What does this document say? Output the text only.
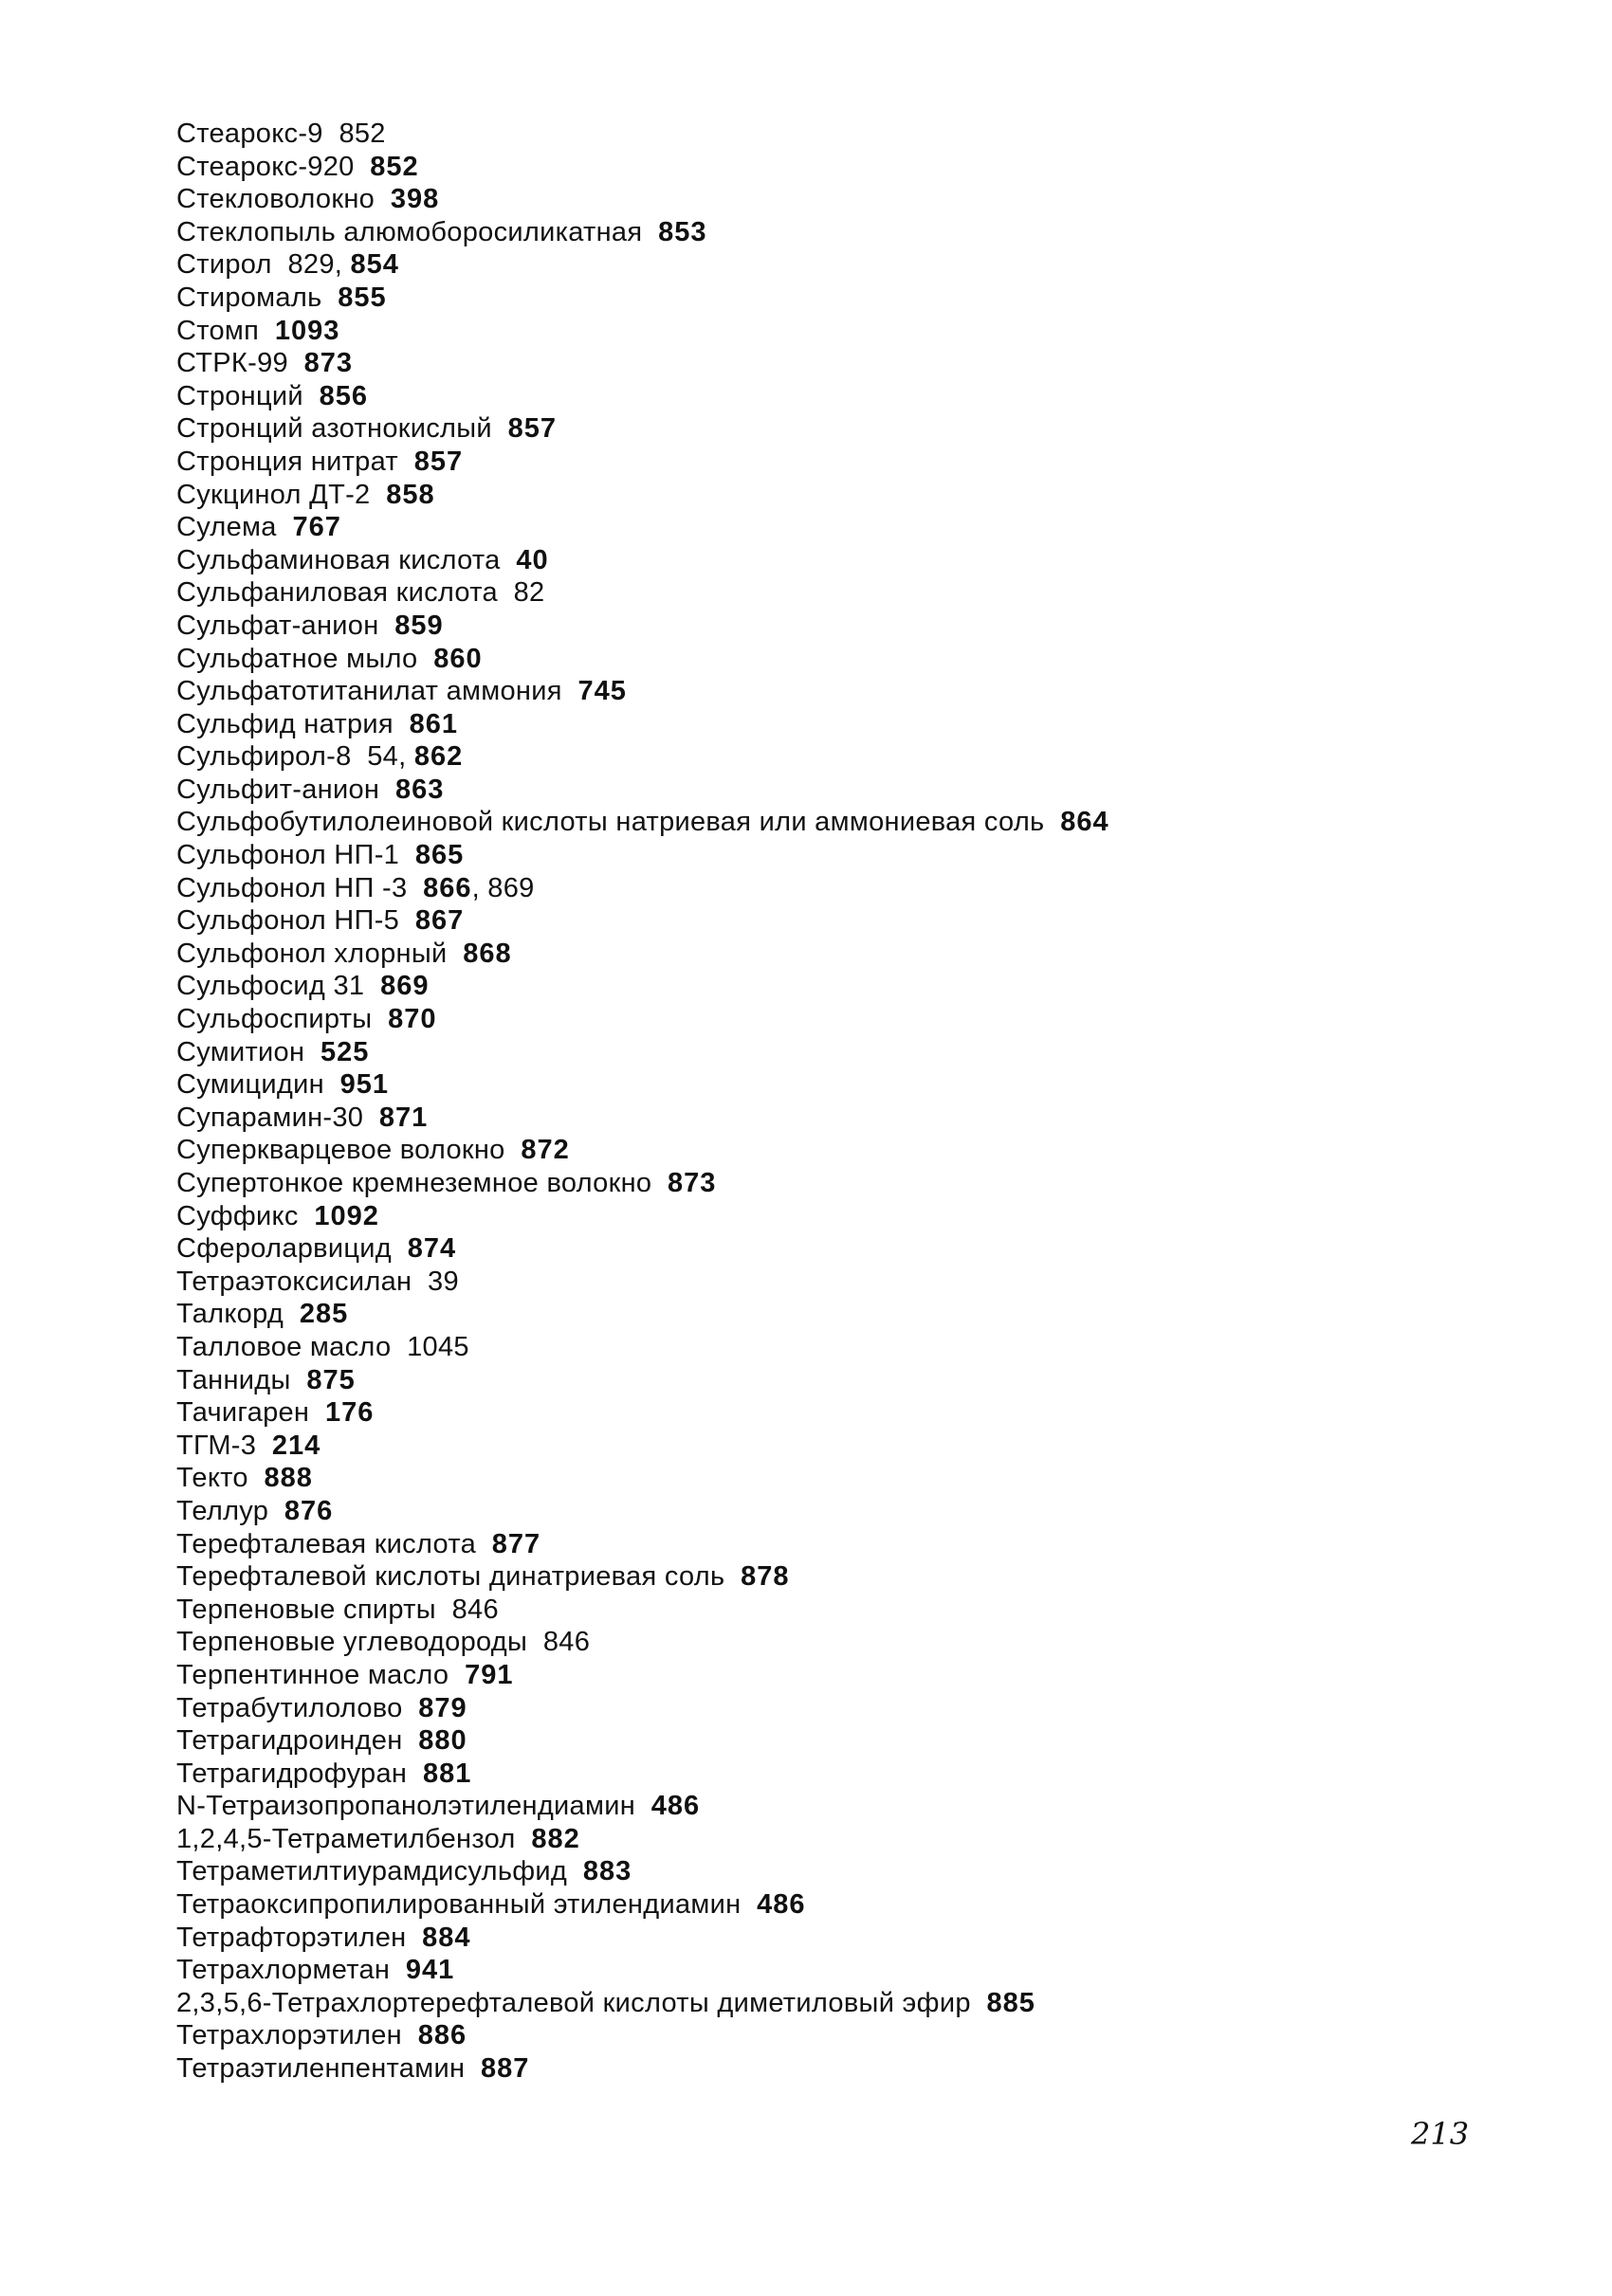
Стеарокс-9 852
Стеарокс-920 852
Стекловолокно 398
Стеклопыль алюмоборосиликатная 853
Стирол 829, 854
Стиромаль 855
Стомп 1093
СТРК-99 873
Стронций 856
Стронций азотнокислый 857
Стронция нитрат 857
Сукцинол ДТ-2 858
Сулема 767
Сульфаминовая кислота 40
Сульфаниловая кислота 82
Сульфат-анион 859
Сульфатное мыло 860
Сульфатотитанилат аммония 745
Сульфид натрия 861
Сульфирол-8 54, 862
Сульфит-анион 863
Сульфобутилолеиновой кислоты натриевая или аммониевая соль 864
Сульфонол НП-1 865
Сульфонол НП -3 866, 869
Сульфонол НП-5 867
Сульфонол хлорный 868
Сульфосид 31 869
Сульфоспирты 870
Сумитион 525
Сумицидин 951
Супарамин-30 871
Суперкварцевое волокно 872
Супертонкое кремнеземное волокно 873
Суффикс 1092
Сферолaрвицид 874
Тетраэтоксисилан 39
Талкорд 285
Талловое масло 1045
Танниды 875
Тачигарен 176
ТГМ-3 214
Текто 888
Теллур 876
Терефталевая кислота 877
Терефталевой кислоты динатриевая соль 878
Терпеновые спирты 846
Терпеновые углеводороды 846
Терпентинное масло 791
Тетрабутилолово 879
Тетрагидроинден 880
Тетрагидрофуран 881
N-Тетраизопропанолэтилендиамин 486
1,2,4,5-Тетраметилбензол 882
Тетраметилтиурамдисульфид 883
Тетраоксипропилированный этилендиамин 486
Тетрафторэтилен 884
Тетрахлорметан 941
2,3,5,6-Тетрахлортерефталевой кислоты диметиловый эфир 885
Тетрахлорэтилен 886
Тетраэтиленпентамин 887
213
